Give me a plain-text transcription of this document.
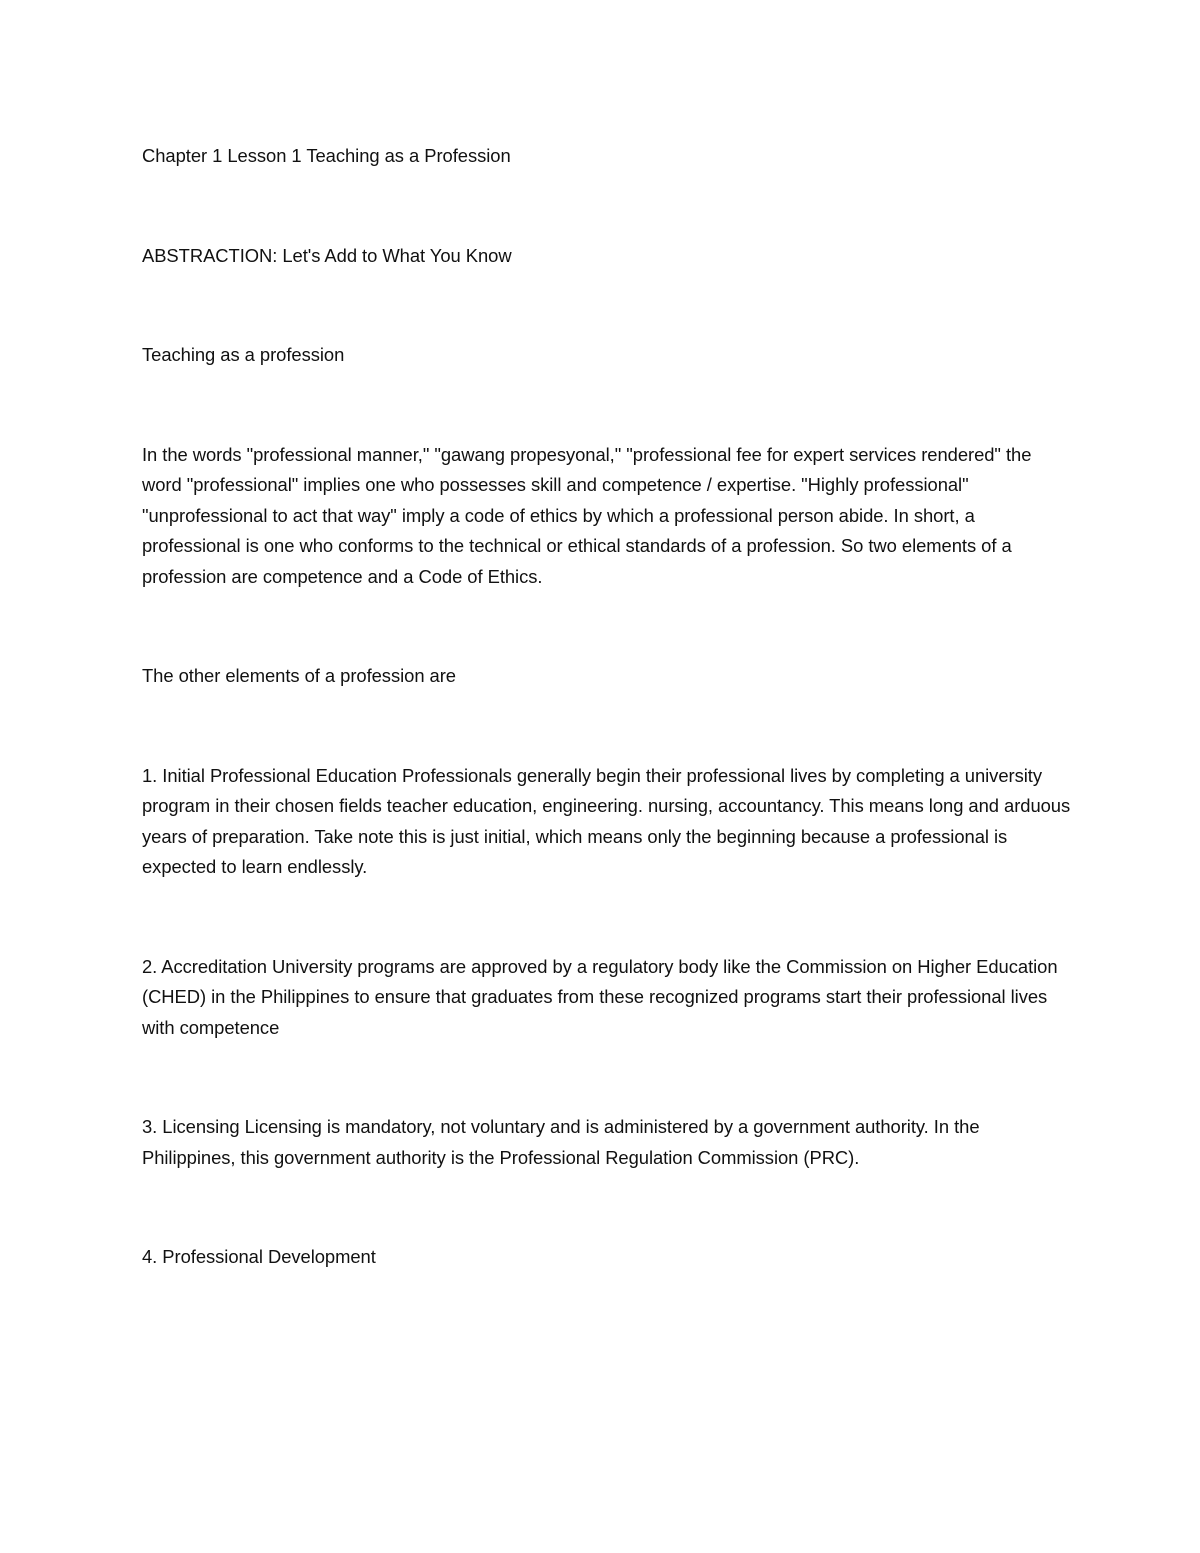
Chapter 1 Lesson 1 Teaching as a Profession

ABSTRACTION: Let's Add to What You Know

Teaching as a profession

In the words "professional manner," "gawang propesyonal," "professional fee for expert services rendered" the word "professional" implies one who possesses skill and competence / expertise. "Highly professional" "unprofessional to act that way" imply a code of ethics by which a professional person abide. In short, a professional is one who conforms to the technical or ethical standards of a profession. So two elements of a profession are competence and a Code of Ethics.

The other elements of a profession are

1. Initial Professional Education Professionals generally begin their professional lives by completing a university program in their chosen fields teacher education, engineering. nursing, accountancy. This means long and arduous years of preparation. Take note this is just initial, which means only the beginning because a professional is expected to learn endlessly.

2. Accreditation University programs are approved by a regulatory body like the Commission on Higher Education (CHED) in the Philippines to ensure that graduates from these recognized programs start their professional lives with competence

3. Licensing Licensing is mandatory, not voluntary and is administered by a government authority. In the Philippines, this government authority is the Professional Regulation Commission (PRC).

4. Professional Development
